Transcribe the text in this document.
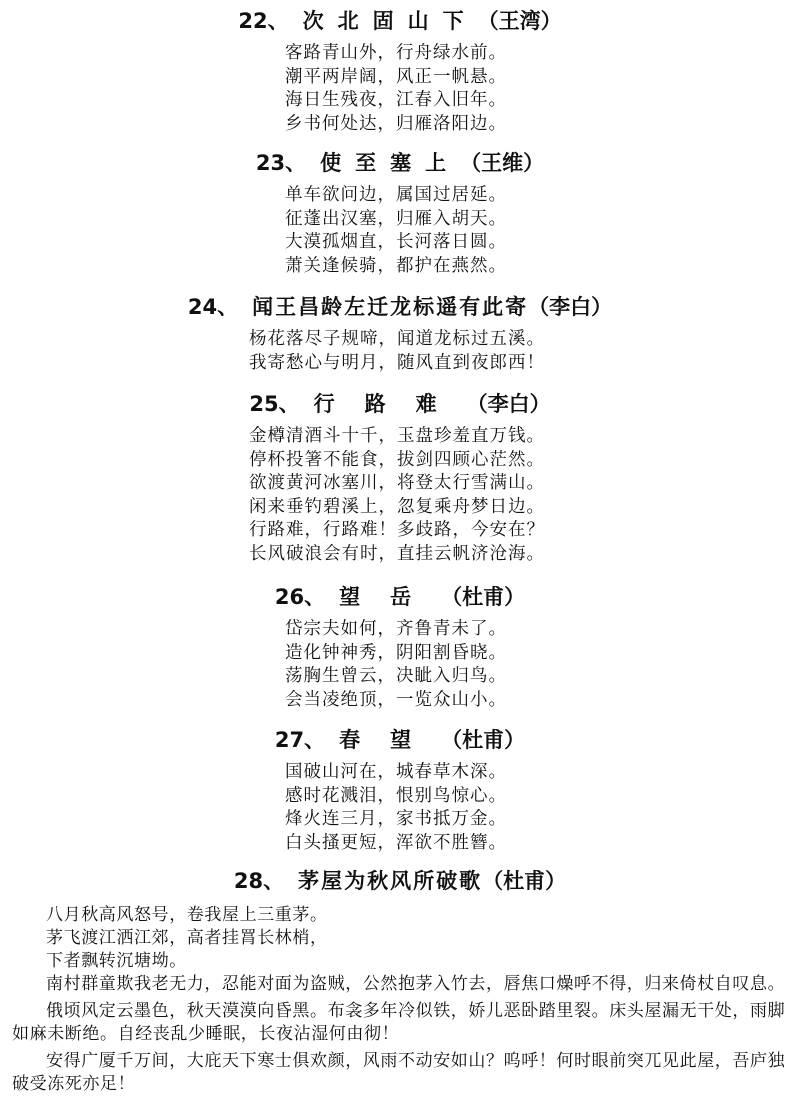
22、 次北固山下（王湾）
客路青山外，行舟绿水前。
潮平两岸阔，风正一帆悬。
海日生残夜，江春入旧年。
乡书何处达，归雁洛阳边。
23、 使至塞上（王维）
单车欲问边，属国过居延。
征蓬出汉塞，归雁入胡天。
大漠孤烟直，长河落日圆。
萧关逢候骑，都护在燕然。
24、 闻王昌龄左迁龙标遥有此寄（李白）
杨花落尽子规啼，闻道龙标过五溪。
我寄愁心与明月，随风直到夜郎西！
25、 行路难（李白）
金樽清酒斗十千，玉盘珍羞直万钱。
停杯投箸不能食，拔剑四顾心茫然。
欲渡黄河冰塞川，将登太行雪满山。
闲来垂钓碧溪上，忽复乘舟梦日边。
行路难，行路难！多歧路，今安在？
长风破浪会有时，直挂云帆济沧海。
26、 望岳（杜甫）
岱宗夫如何，齐鲁青未了。
造化钟神秀，阴阳割昏晓。
荡胸生曾云，决眦入归鸟。
会当凌绝顶，一览众山小。
27、 春望（杜甫）
国破山河在，城春草木深。
感时花溅泪，恨别鸟惊心。
烽火连三月，家书抵万金。
白头搔更短，浑欲不胜簪。
28、 茅屋为秋风所破歌（杜甫）
八月秋高风怒号，卷我屋上三重茅。
茅飞渡江洒江郊，高者挂罥长林梢，
下者飘转沉塘坳。
南村群童欺我老无力，忍能对面为盗贼，公然抱茅入竹去，唇焦口燥呼不得，归来倚杖自叹息。
俄顷风定云墨色，秋天漠漠向昏黑。布衾多年冷似铁，娇儿恶卧踏里裂。床头屋漏无干处，雨脚如麻未断绝。自经丧乱少睡眠，长夜沾湿何由彻！
安得广厦千万间，大庇天下寒士俱欢颜，风雨不动安如山？呜呼！何时眼前突兀见此屋，吾庐独破受冻死亦足！
